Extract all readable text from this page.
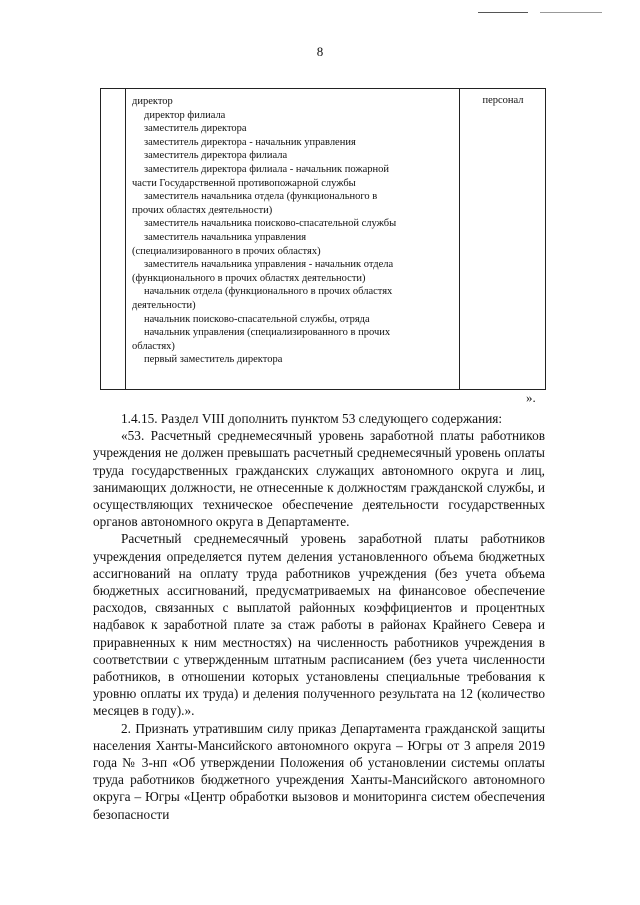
8
директор
директор филиала
заместитель директора
заместитель директора - начальник управления
заместитель директора филиала
заместитель директора филиала - начальник пожарной
части Государственной противопожарной службы
заместитель начальника отдела (функционального в
прочих областях деятельности)
заместитель начальника поисково-спасательной службы
заместитель начальника управления
(специализированного в прочих областях)
заместитель начальника управления - начальник отдела
(функционального в прочих областях деятельности)
начальник отдела (функционального в прочих областях
деятельности)
начальник поисково-спасательной службы, отряда
начальник управления (специализированного в прочих
областях)
первый заместитель директора
персонал
».

1.4.15. Раздел VIII дополнить пунктом 53 следующего содержания:

«53. Расчетный среднемесячный уровень заработной платы работников учреждения не должен превышать расчетный среднемесячный уровень оплаты труда государственных гражданских служащих автономного округа и лиц, занимающих должности, не отнесенные к должностям гражданской службы, и осуществляющих техническое обеспечение деятельности государственных органов автономного округа в Департаменте.

Расчетный среднемесячный уровень заработной платы работников учреждения определяется путем деления установленного объема бюджетных ассигнований на оплату труда работников учреждения (без учета объема бюджетных ассигнований, предусматриваемых на финансовое обеспечение расходов, связанных с выплатой районных коэффициентов и процентных надбавок к заработной плате за стаж работы в районах Крайнего Севера и приравненных к ним местностях) на численность работников учреждения в соответствии с утвержденным штатным расписанием (без учета численности работников, в отношении которых установлены специальные требования к уровню оплаты их труда) и деления полученного результата на 12 (количество месяцев в году).».

2. Признать утратившим силу приказ Департамента гражданской защиты населения Ханты-Мансийского автономного округа – Югры от 3 апреля 2019 года № 3-нп «Об утверждении Положения об установлении системы оплаты труда работников бюджетного учреждения Ханты-Мансийского автономного округа – Югры «Центр обработки вызовов и мониторинга систем обеспечения безопасности
